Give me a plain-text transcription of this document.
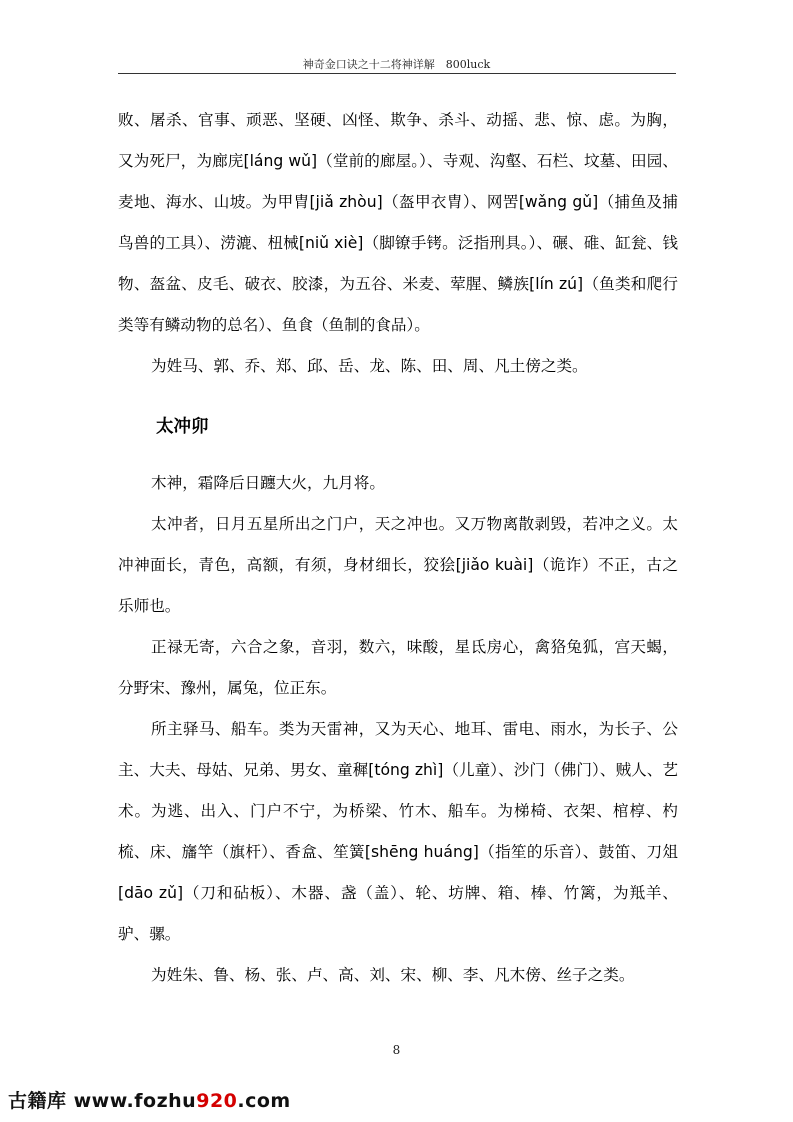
神奇金口诀之十二将神详解　800luck

败、屠杀、官事、顽恶、坚硬、凶怪、欺争、杀斗、动摇、悲、惊、虑。为胸，又为死尸，为廊庑[láng wǔ]（堂前的廊屋。）、寺观、沟壑、石栏、坟墓、田园、麦地、海水、山坡。为甲胄[jiǎ zhòu]（盔甲衣胄）、网罟[wǎng gǔ]（捕鱼及捕鸟兽的工具）、涝漉、杻械[niǔ xiè]（脚镣手铐。泛指刑具。）、碾、碓、缸瓮、钱物、盔盆、皮毛、破衣、胶漆，为五谷、米麦、荤腥、鳞族[lín zú]（鱼类和爬行类等有鳞动物的总名）、鱼食（鱼制的食品）。

为姓马、郭、乔、郑、邱、岳、龙、陈、田、周、凡土傍之类。

太冲卯

木神，霜降后日躔大火，九月将。

太冲者，日月五星所出之门户，天之冲也。又万物离散剥毁，若冲之义。太冲神面长，青色，高额，有须，身材细长，狡狯[jiǎo kuài]（诡诈）不正，古之乐师也。

正禄无寄，六合之象，音羽，数六，味酸，星氐房心，禽狢兔狐，宫天蝎，分野宋、豫州，属兔，位正东。

所主驿马、船车。类为天雷神，又为天心、地耳、雷电、雨水，为长子、公主、大夫、母姑、兄弟、男女、童穉[tóng zhì]（儿童）、沙门（佛门）、贼人、艺术。为逃、出入、门户不宁，为桥梁、竹木、船车。为梯椅、衣架、棺椁、杓梳、床、旛竿（旗杆）、香盒、笙簧[shēng huáng]（指笙的乐音）、鼓笛、刀俎[dāo zǔ]（刀和砧板）、木器、盏（盖）、轮、坊牌、箱、棒、竹篱，为羝羊、驴、骡。

为姓朱、鲁、杨、张、卢、高、刘、宋、柳、李、凡木傍、丝子之类。

8
古籍库 www.fozhu920.com
